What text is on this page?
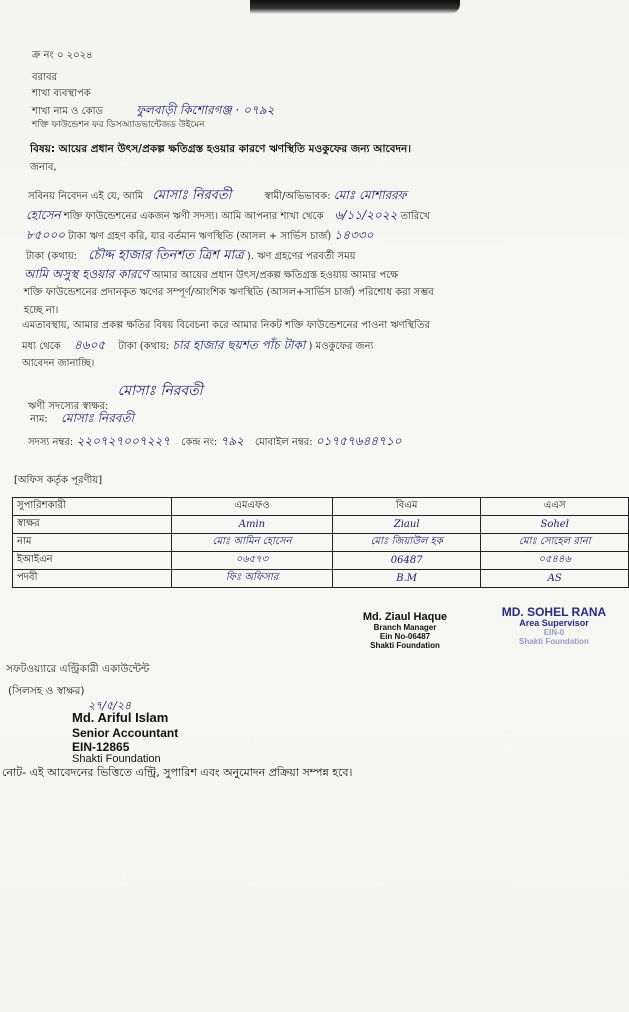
ক্র নং ০ ২০২৪
বরাবর
শাখা ব্যবস্থাপক
শাখা নাম ও কোড	ফুলবাড়ী কিশোরগঞ্জ · ০৭৯২
শক্তি ফাউন্ডেশন ফর ডিসঅ্যাডভান্টেজড উইমেন
বিষয়: আয়ের প্রধান উৎস/প্রকল্প ক্ষতিগ্রস্ত হওয়ার কারণে ঋণস্থিতি মওকুফের জন্য আবেদন।
জনাব,
সবিনয় নিবেদন এই যে, আমি মোসাঃ নিরবতী	স্বামী/অভিভাবক: মোঃ মোশাররফ
হোসেন শক্তি ফাউন্ডেশনের একজন ঋণী সদস্য। আমি আপনার শাখা থেকে ৬/১১/২০২২ তারিখে
৮৫০০০ টাকা ঋণ গ্রহণ করি, যার বর্তমান ঋণস্থিতি (আসল + সার্ভিস চার্জ) ১৪৩৩০
টাকা (কথায়: চৌদ্দ হাজার তিনশত ত্রিশ মাত্র ). ঋণ গ্রহণের পরবর্তী সময়
আমি অসুস্থ হওয়ার কারণে আমার আয়ের প্রধান উৎস/প্রকল্প ক্ষতিগ্রস্ত হওয়ায় আমার পক্ষে
শক্তি ফাউন্ডেশনের প্রদানকৃত ঋণের সম্পূর্ণ/আংশিক ঋণস্থিতি (আসল+সার্ভিস চার্জ) পরিশোধ করা সম্ভব
হচ্ছে না।
এমতাবস্থায়, আমার প্রকল্প ক্ষতির বিষয় বিবেচনা করে আমার নিকট শক্তি ফাউন্ডেশনের পাওনা ঋণস্থিতির
মধ্য থেকে ৪৬০৫ টাকা (কথায়: চার হাজার ছয়শত পাঁচ টাকা ) মওকুফের জন্য
আবেদন জানাচ্ছি।
ঋণী সদস্যের স্বাক্ষর: মোসাঃ নিরবতী
নাম: মোসাঃ নিরবতী
সদস্য নম্বর: ২২০৭২৭০০৭২২৭ কেন্দ্র নং: ৭৯২ মোবাইল নম্বর: ০১৭৫৭৬৪৪৭১০
[অফিস কর্তৃক পূরণীয়]
সুপারিশকারী	এমএফও	বিএম	এএস
স্বাক্ষর	Amin	Ziaul	Sohel
নাম	মোঃ আমিন হোসেন	মোঃ জিয়াউল হক	মোঃ সোহেল রানা
ইআইএন	০৬৫৭৩	06487	০৫৪৪৬
পদবী	ফিঃ অফিসার	B.M	AS
Md. Ziaul Haque
Branch Manager
Ein No-06487
Shakti Foundation
MD. SOHEL RANA
Area Supervisor
EIN-0
Shakti Foundation
সফটওয়্যারে এন্ট্রিকারী একাউন্টেন্ট
(সিলসহ ও স্বাক্ষর)
২৭/৫/২৪
Md. Ariful Islam
Senior Accountant
EIN-12865
Shakti Foundation
নোট- এই আবেদনের ভিত্তিতে এন্ট্রি, সুপারিশ এবং অনুমোদন প্রক্রিয়া সম্পন্ন হবে।
